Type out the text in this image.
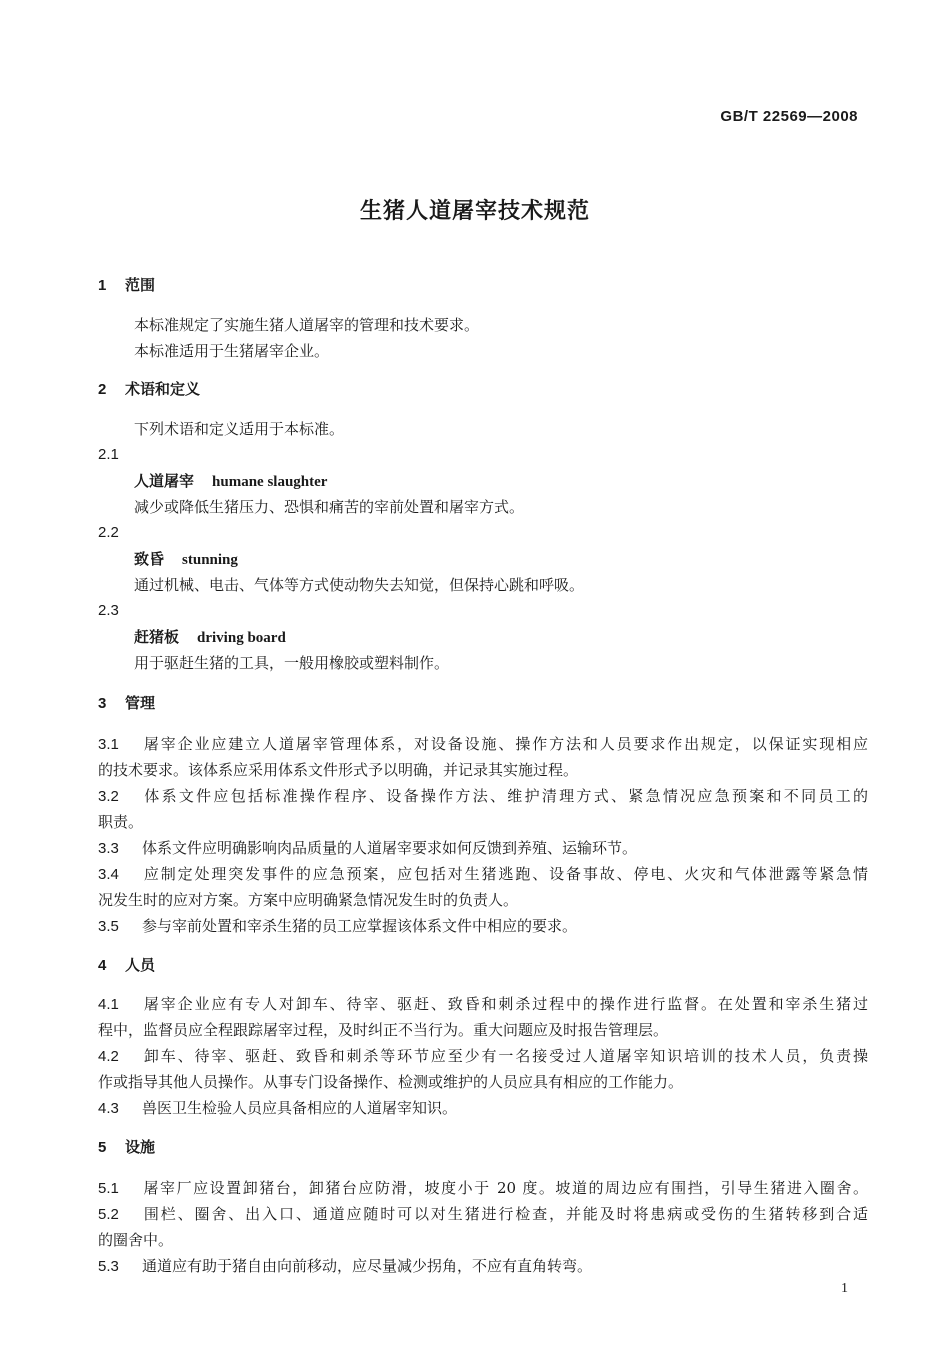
GB/T 22569—2008
生猪人道屠宰技术规范
1 范围
本标准规定了实施生猪人道屠宰的管理和技术要求。
本标准适用于生猪屠宰企业。
2 术语和定义
下列术语和定义适用于本标准。
2.1
人道屠宰 humane slaughter
减少或降低生猪压力、恐惧和痛苦的宰前处置和屠宰方式。
2.2
致昏 stunning
通过机械、电击、气体等方式使动物失去知觉，但保持心跳和呼吸。
2.3
赶猪板 driving board
用于驱赶生猪的工具，一般用橡胶或塑料制作。
3 管理
3.1 屠宰企业应建立人道屠宰管理体系，对设备设施、操作方法和人员要求作出规定，以保证实现相应
的技术要求。该体系应采用体系文件形式予以明确，并记录其实施过程。
3.2 体系文件应包括标准操作程序、设备操作方法、维护清理方式、紧急情况应急预案和不同员工的
职责。
3.3 体系文件应明确影响肉品质量的人道屠宰要求如何反馈到养殖、运输环节。
3.4 应制定处理突发事件的应急预案，应包括对生猪逃跑、设备事故、停电、火灾和气体泄露等紧急情
况发生时的应对方案。方案中应明确紧急情况发生时的负责人。
3.5 参与宰前处置和宰杀生猪的员工应掌握该体系文件中相应的要求。
4 人员
4.1 屠宰企业应有专人对卸车、待宰、驱赶、致昏和刺杀过程中的操作进行监督。在处置和宰杀生猪过
程中，监督员应全程跟踪屠宰过程，及时纠正不当行为。重大问题应及时报告管理层。
4.2 卸车、待宰、驱赶、致昏和刺杀等环节应至少有一名接受过人道屠宰知识培训的技术人员，负责操
作或指导其他人员操作。从事专门设备操作、检测或维护的人员应具有相应的工作能力。
4.3 兽医卫生检验人员应具备相应的人道屠宰知识。
5 设施
5.1 屠宰厂应设置卸猪台，卸猪台应防滑，坡度小于 20 度。坡道的周边应有围挡，引导生猪进入圈舍。
5.2 围栏、圈舍、出入口、通道应随时可以对生猪进行检查，并能及时将患病或受伤的生猪转移到合适
的圈舍中。
5.3 通道应有助于猪自由向前移动，应尽量减少拐角，不应有直角转弯。
1
